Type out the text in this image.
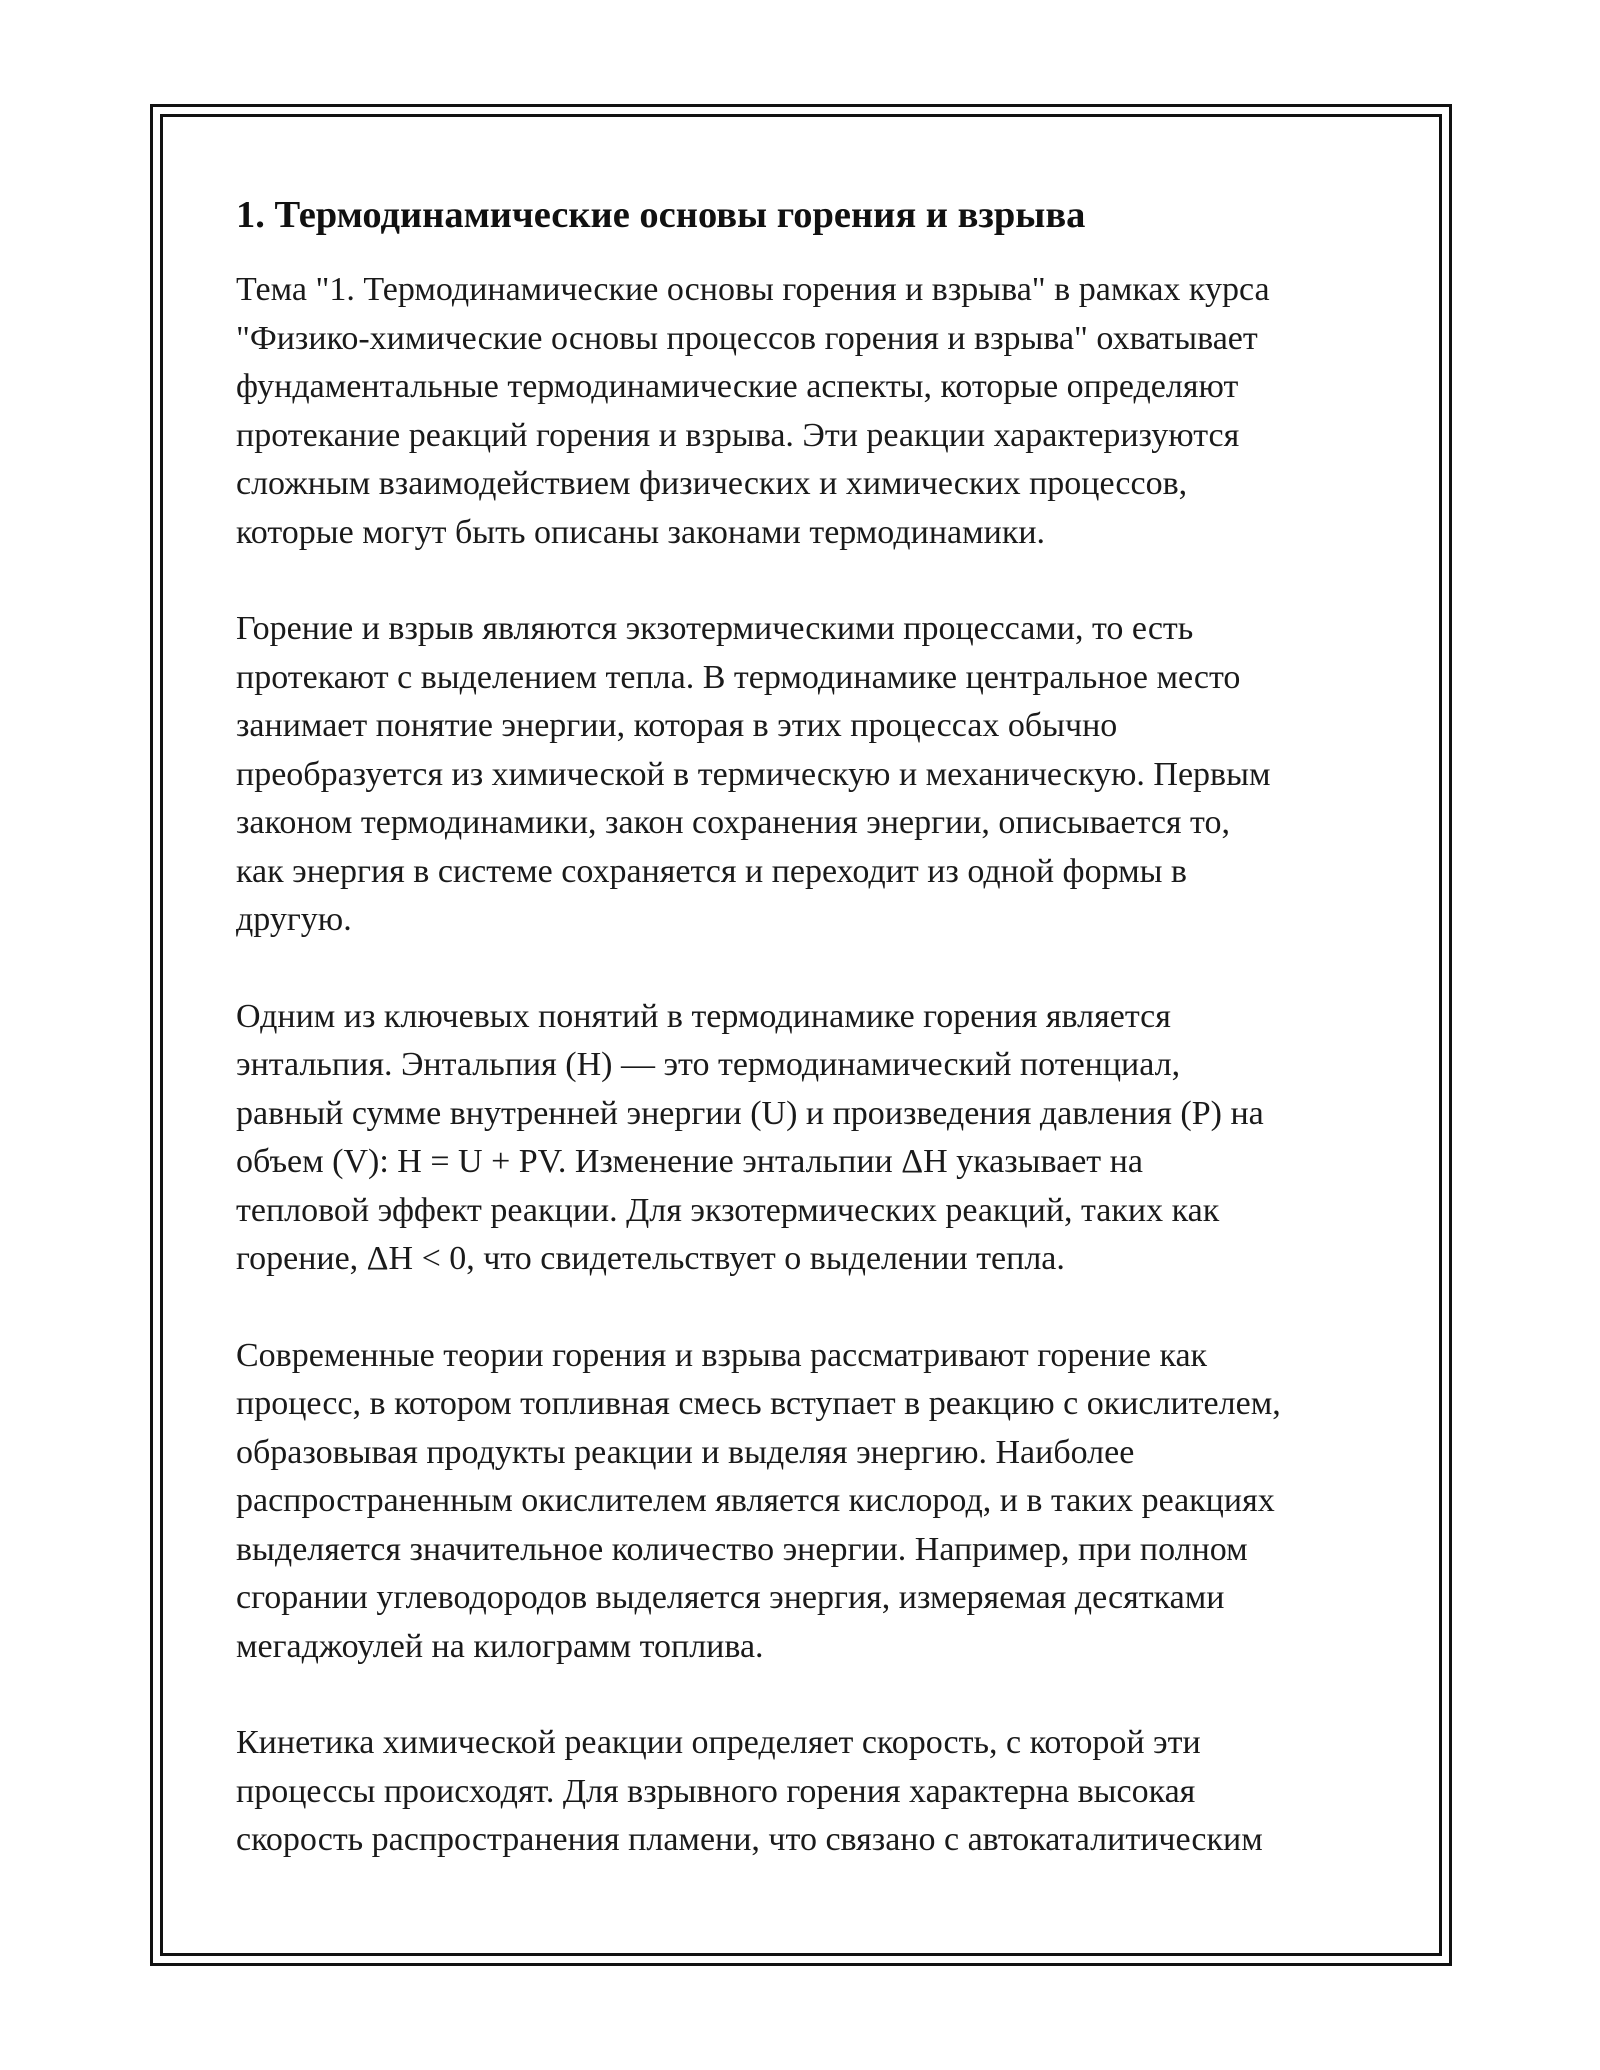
1. Термодинамические основы горения и взрыва

Тема "1. Термодинамические основы горения и взрыва" в рамках курса
"Физико-химические основы процессов горения и взрыва" охватывает
фундаментальные термодинамические аспекты, которые определяют
протекание реакций горения и взрыва. Эти реакции характеризуются
сложным взаимодействием физических и химических процессов,
которые могут быть описаны законами термодинамики.

Горение и взрыв являются экзотермическими процессами, то есть
протекают с выделением тепла. В термодинамике центральное место
занимает понятие энергии, которая в этих процессах обычно
преобразуется из химической в термическую и механическую. Первым
законом термодинамики, закон сохранения энергии, описывается то,
как энергия в системе сохраняется и переходит из одной формы в
другую.

Одним из ключевых понятий в термодинамике горения является
энтальпия. Энтальпия (H) — это термодинамический потенциал,
равный сумме внутренней энергии (U) и произведения давления (P) на
объем (V): H = U + PV. Изменение энтальпии ΔH указывает на
тепловой эффект реакции. Для экзотермических реакций, таких как
горение, ΔH < 0, что свидетельствует о выделении тепла.

Современные теории горения и взрыва рассматривают горение как
процесс, в котором топливная смесь вступает в реакцию с окислителем,
образовывая продукты реакции и выделяя энергию. Наиболее
распространенным окислителем является кислород, и в таких реакциях
выделяется значительное количество энергии. Например, при полном
сгорании углеводородов выделяется энергия, измеряемая десятками
мегаджоулей на килограмм топлива.

Кинетика химической реакции определяет скорость, с которой эти
процессы происходят. Для взрывного горения характерна высокая
скорость распространения пламени, что связано с автокаталитическим
